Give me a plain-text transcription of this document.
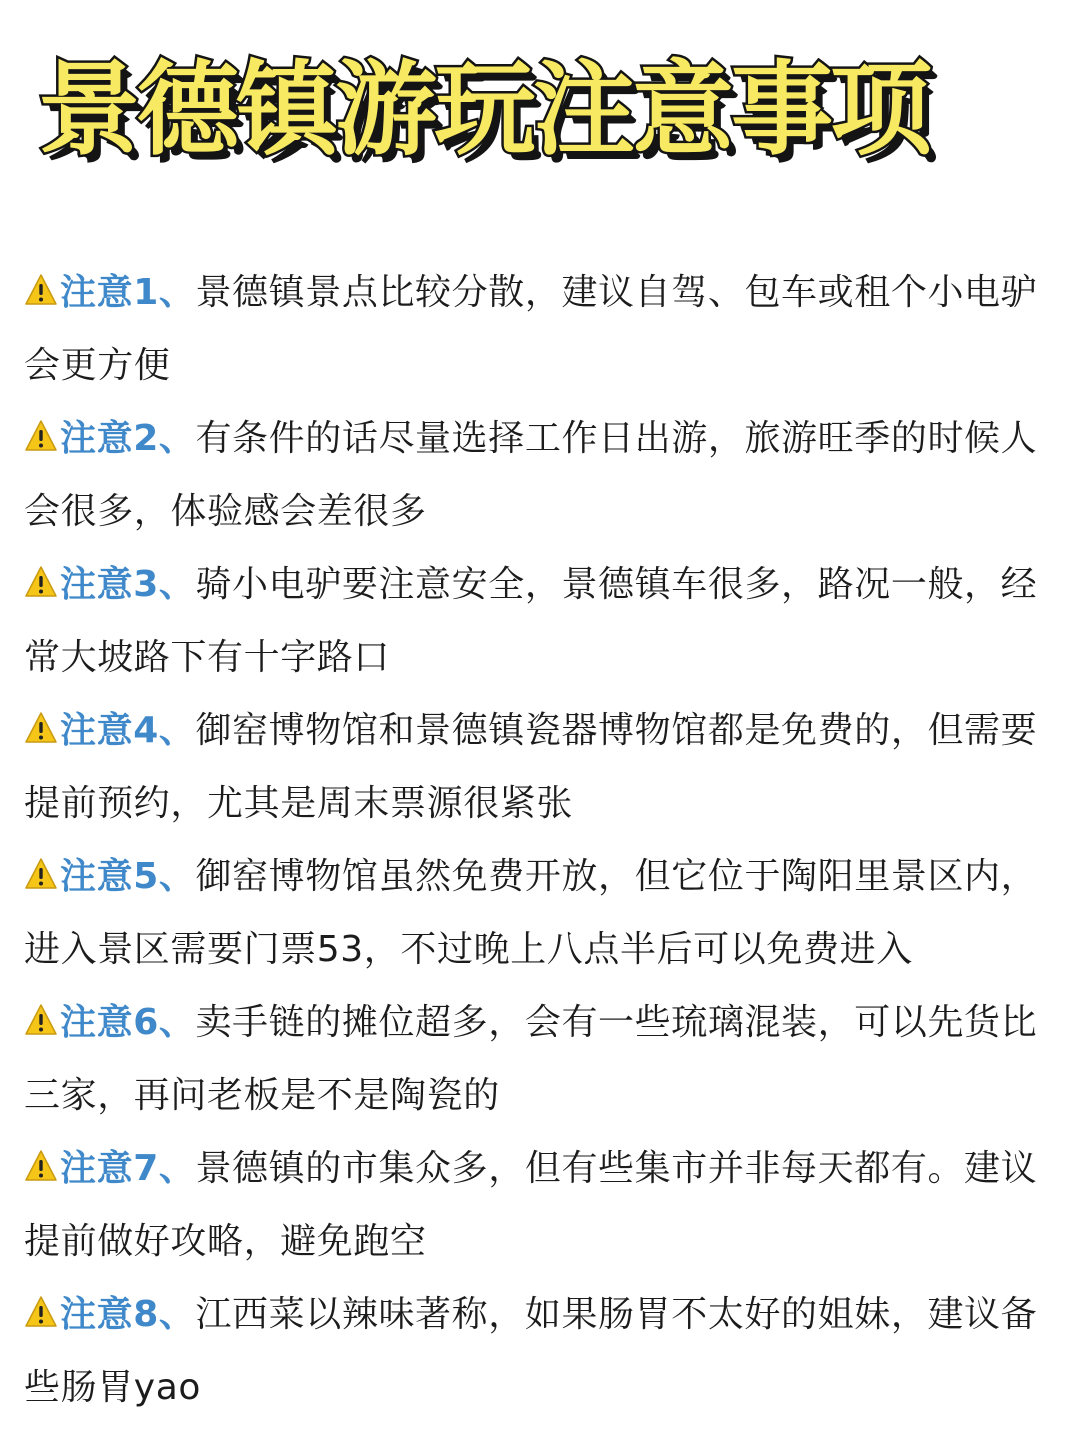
景德镇游玩注意事项

注意1、景德镇景点比较分散，建议自驾、包车或租个小电驴会更方便

注意2、有条件的话尽量选择工作日出游，旅游旺季的时候人会很多，体验感会差很多

注意3、骑小电驴要注意安全，景德镇车很多，路况一般，经常大坡路下有十字路口

注意4、御窑博物馆和景德镇瓷器博物馆都是免费的，但需要提前预约，尤其是周末票源很紧张

注意5、御窑博物馆虽然免费开放，但它位于陶阳里景区内，进入景区需要门票53，不过晚上八点半后可以免费进入

注意6、卖手链的摊位超多，会有一些琉璃混装，可以先货比三家，再问老板是不是陶瓷的

注意7、景德镇的市集众多，但有些集市并非每天都有。建议提前做好攻略，避免跑空

注意8、江西菜以辣味著称，如果肠胃不太好的姐妹，建议备些肠胃yao
